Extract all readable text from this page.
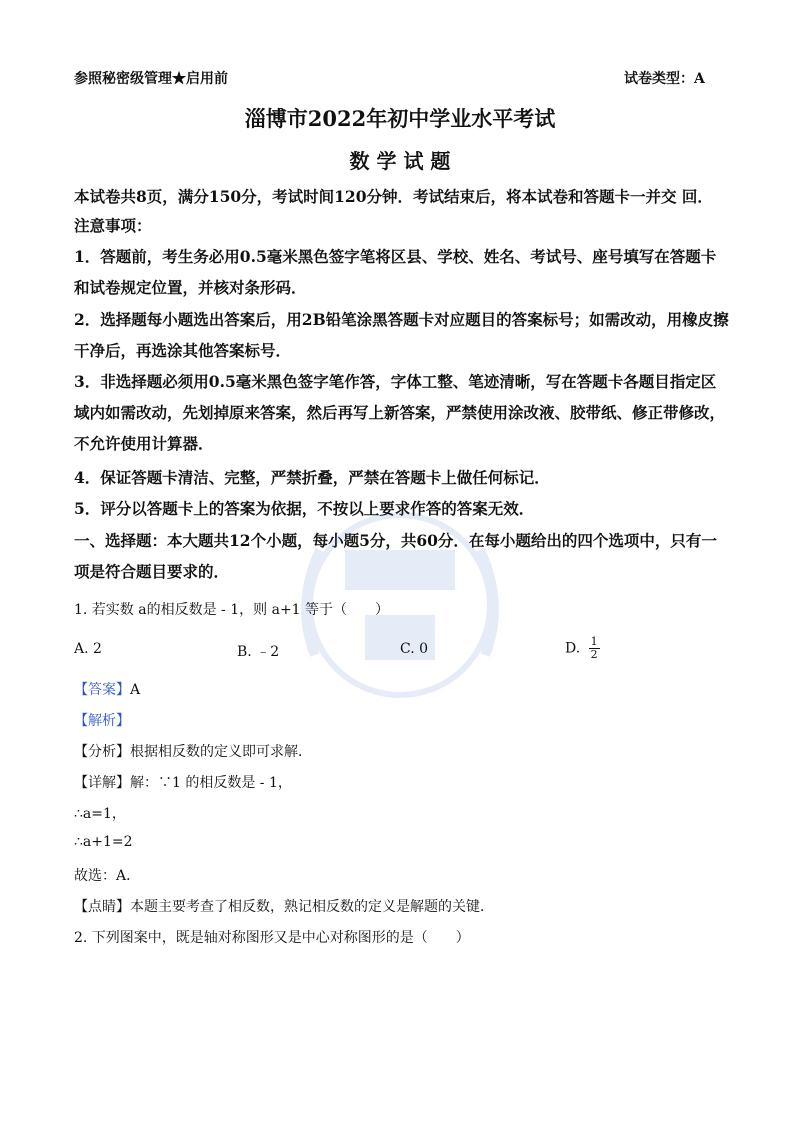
参照秘密级管理★启用前	试卷类型：A
淄博市2022年初中学业水平考试
数 学 试 题
本试卷共8页，满分150分，考试时间120分钟．考试结束后，将本试卷和答题卡一并交 回．
注意事项：
1．答题前，考生务必用0.5毫米黑色签字笔将区县、学校、姓名、考试号、座号填写在答题卡和试卷规定位置，并核对条形码．
2．选择题每小题选出答案后，用2B铅笔涂黑答题卡对应题目的答案标号；如需改动，用橡皮擦干净后，再选涂其他答案标号．
3．非选择题必须用0.5毫米黑色签字笔作答，字体工整、笔迹清晰，写在答题卡各题目指定区域内如需改动，先划掉原来答案，然后再写上新答案，严禁使用涂改液、胶带纸、修正带修改，不允许使用计算器．
4．保证答题卡清洁、完整，严禁折叠，严禁在答题卡上做任何标记．
5．评分以答题卡上的答案为依据，不按以上要求作答的答案无效．
一、选择题：本大题共12个小题，每小题5分，共60分．在每小题给出的四个选项中，只有一项是符合题目要求的．
1. 若实数 a的相反数是 - 1，则 a+1 等于（　　）
A. 2	B. ﹣2	C. 0	D. $\frac{1}{2}$
【答案】A
【解析】
【分析】根据相反数的定义即可求解．
【详解】解：∵1 的相反数是 - 1，
∴a=1，
∴a+1=2
故选：A．
【点睛】本题主要考查了相反数，熟记相反数的定义是解题的关键．
2. 下列图案中，既是轴对称图形又是中心对称图形的是（　　）
